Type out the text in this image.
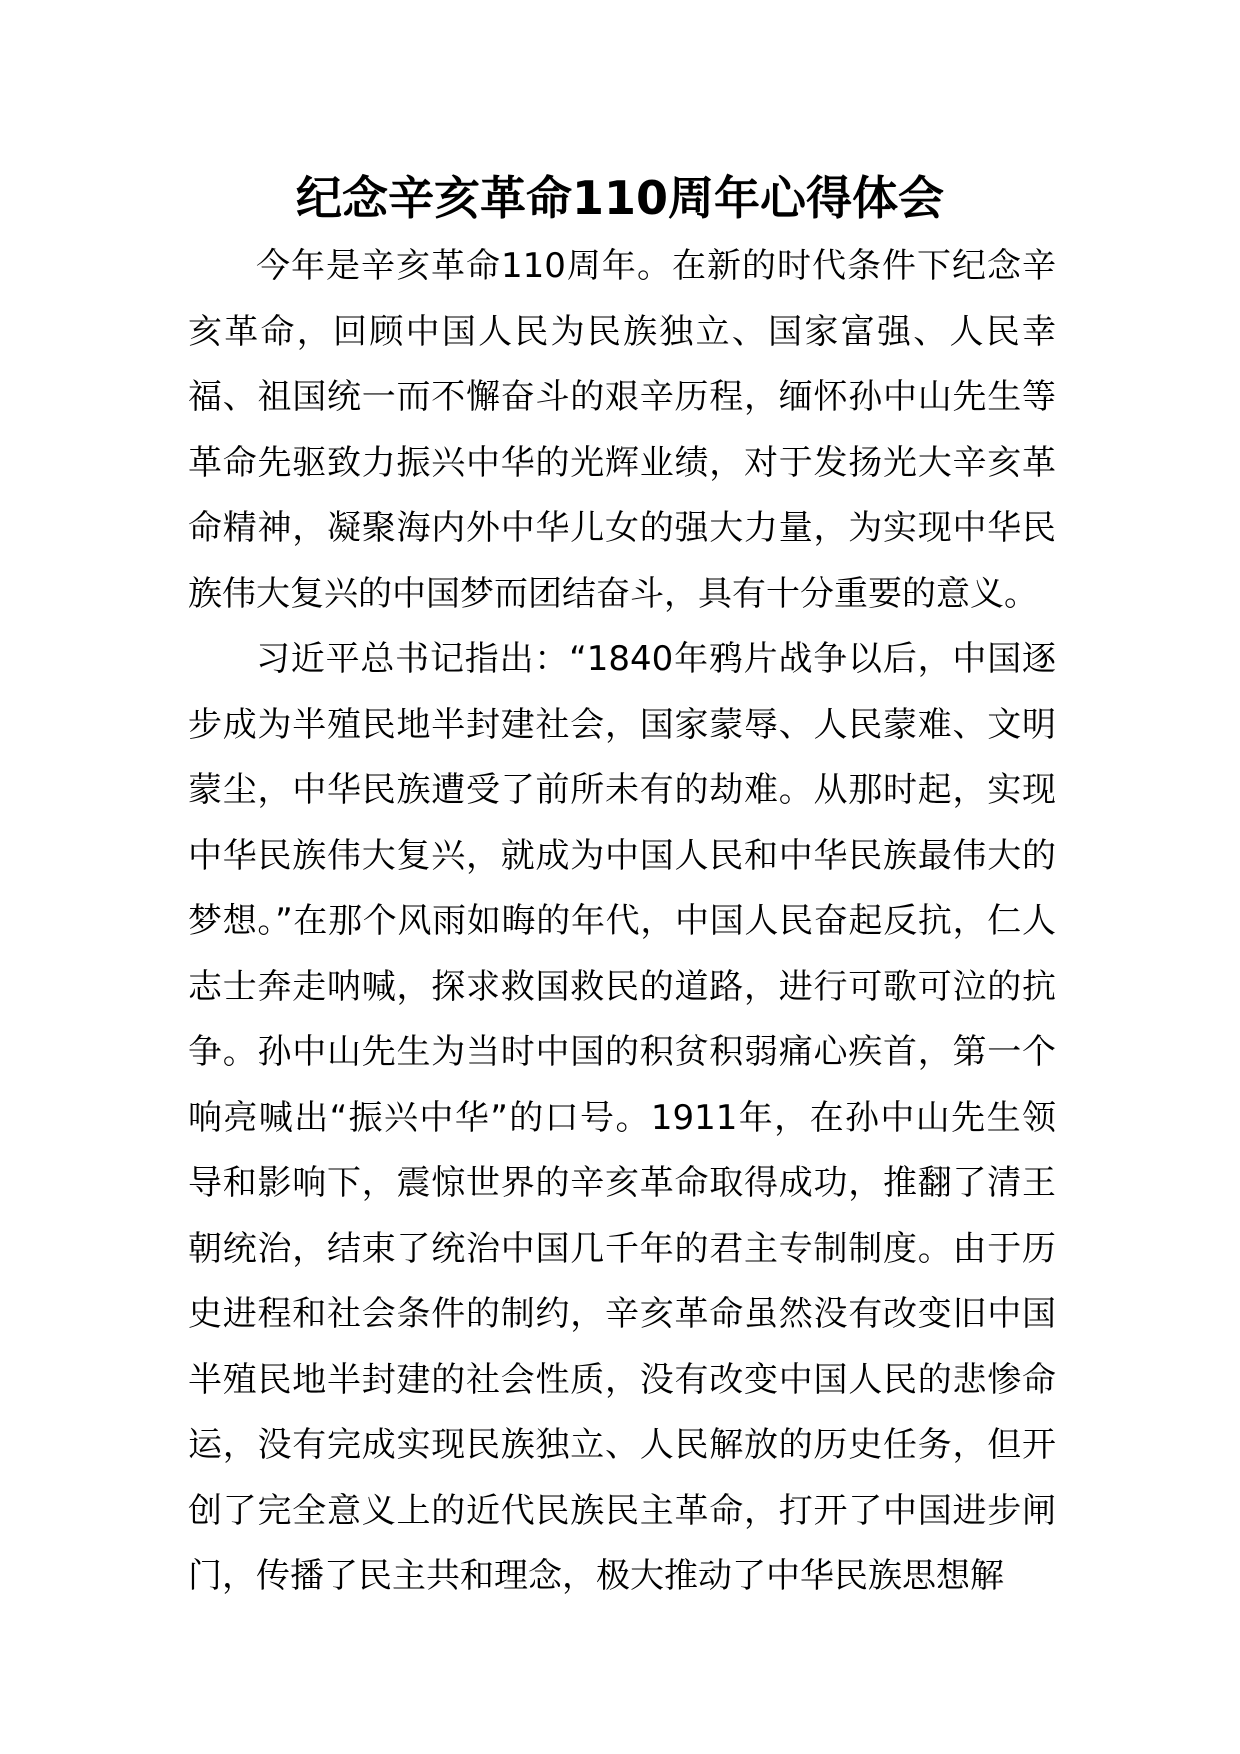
纪念辛亥革命110周年心得体会

今年是辛亥革命110周年。在新的时代条件下纪念辛亥革命，回顾中国人民为民族独立、国家富强、人民幸福、祖国统一而不懈奋斗的艰辛历程，缅怀孙中山先生等革命先驱致力振兴中华的光辉业绩，对于发扬光大辛亥革命精神，凝聚海内外中华儿女的强大力量，为实现中华民族伟大复兴的中国梦而团结奋斗，具有十分重要的意义。

习近平总书记指出：“1840年鸦片战争以后，中国逐步成为半殖民地半封建社会，国家蒙辱、人民蒙难、文明蒙尘，中华民族遭受了前所未有的劫难。从那时起，实现中华民族伟大复兴，就成为中国人民和中华民族最伟大的梦想。”在那个风雨如晦的年代，中国人民奋起反抗，仁人志士奔走呐喊，探求救国救民的道路，进行可歌可泣的抗争。孙中山先生为当时中国的积贫积弱痛心疾首，第一个响亮喊出“振兴中华”的口号。1911年，在孙中山先生领导和影响下，震惊世界的辛亥革命取得成功，推翻了清王朝统治，结束了统治中国几千年的君主专制制度。由于历史进程和社会条件的制约，辛亥革命虽然没有改变旧中国半殖民地半封建的社会性质，没有改变中国人民的悲惨命运，没有完成实现民族独立、人民解放的历史任务，但开创了完全意义上的近代民族民主革命，打开了中国进步闸门，传播了民主共和理念，极大推动了中华民族思想解
